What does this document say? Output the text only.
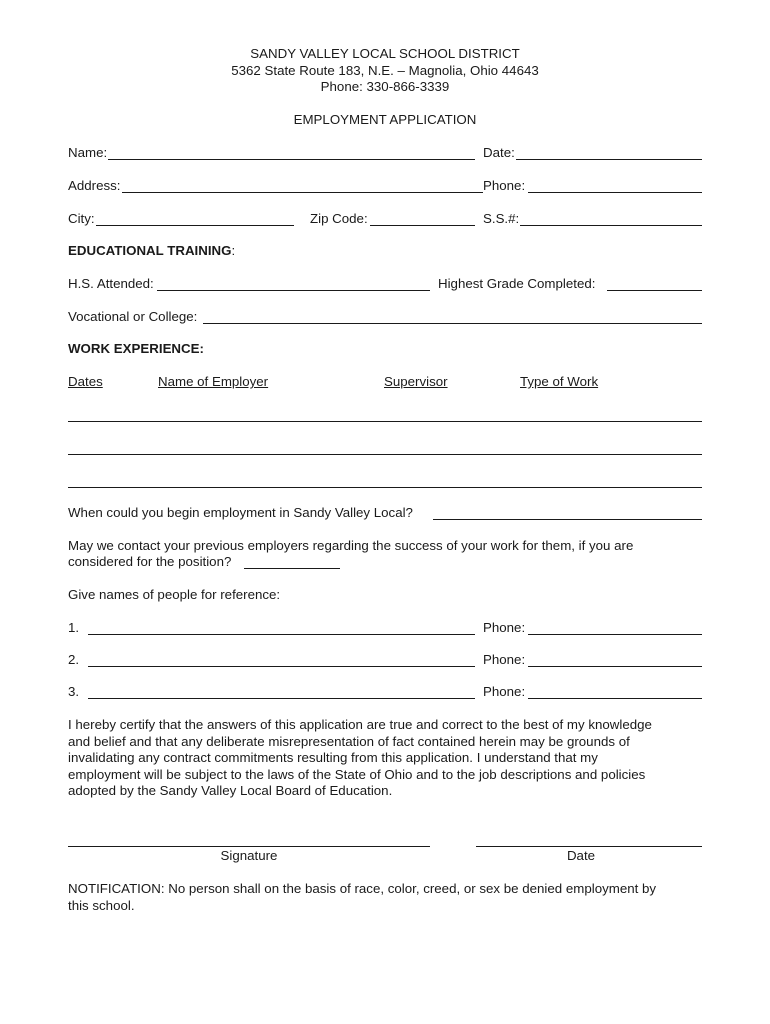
SANDY VALLEY LOCAL SCHOOL DISTRICT
5362 State Route 183, N.E. – Magnolia, Ohio 44643
Phone: 330-866-3339
EMPLOYMENT APPLICATION
Name:	Date:
Address:	Phone:
City:	Zip Code:	S.S.#:
EDUCATIONAL TRAINING:
H.S. Attended:	Highest Grade Completed:
Vocational or College:
WORK EXPERIENCE:
Dates	Name of Employer	Supervisor	Type of Work
When could you begin employment in Sandy Valley Local?
May we contact your previous employers regarding the success of your work for them, if you are
considered for the position?
Give names of people for reference:
1.	Phone:
2.	Phone:
3.	Phone:
I hereby certify that the answers of this application are true and correct to the best of my knowledge
and belief and that any deliberate misrepresentation of fact contained herein may be grounds of
invalidating any contract commitments resulting from this application. I understand that my
employment will be subject to the laws of the State of Ohio and to the job descriptions and policies
adopted by the Sandy Valley Local Board of Education.
Signature	Date
NOTIFICATION: No person shall on the basis of race, color, creed, or sex be denied employment by
this school.
